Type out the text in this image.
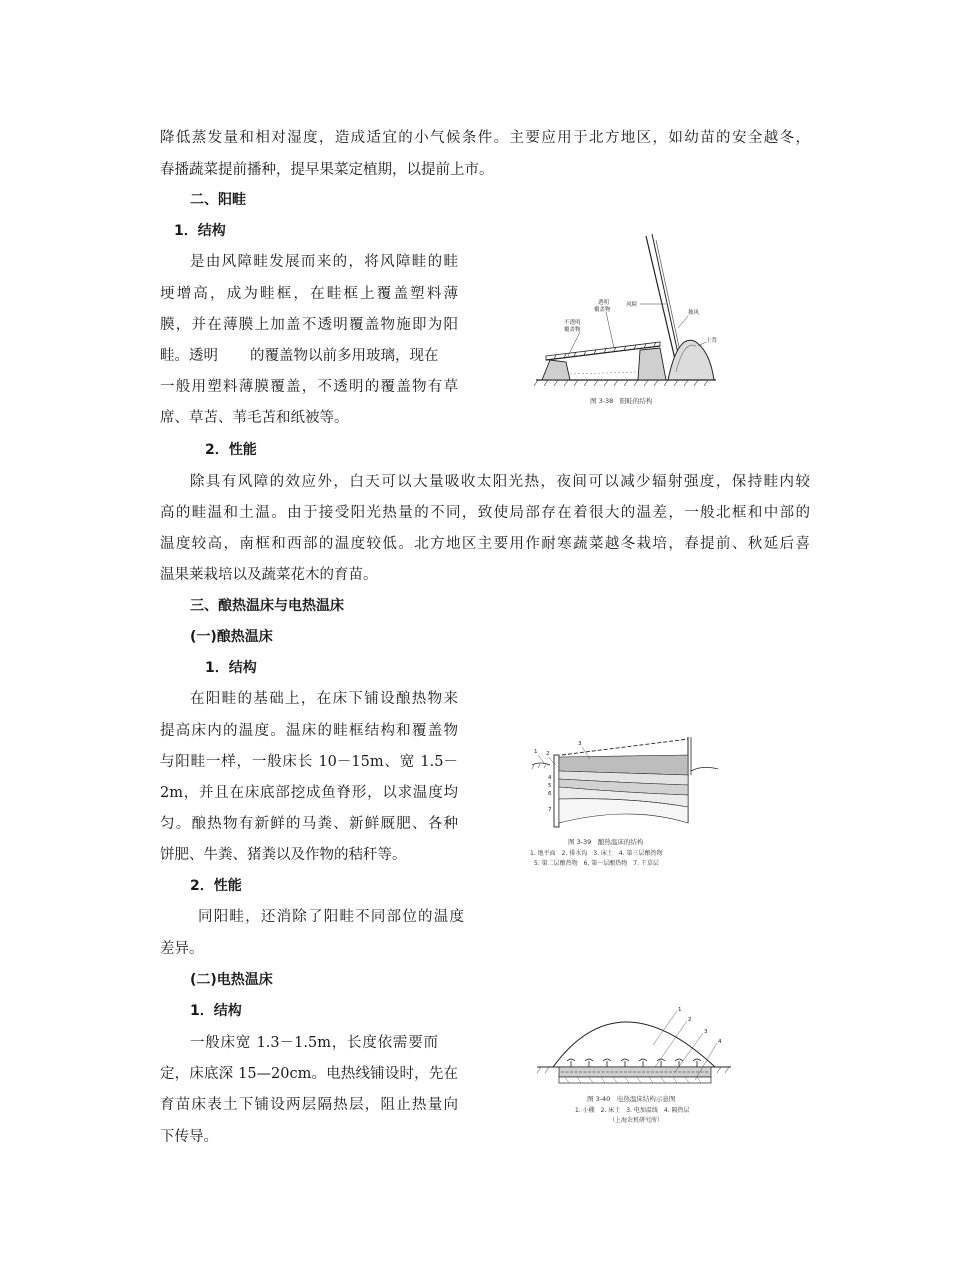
降低蒸发量和相对湿度，造成适宜的小气候条件。主要应用于北方地区，如幼苗的安全越冬，

春播蔬菜提前播种，提早果菜定植期，以提前上市。

二、阳畦

1．结构

是由风障畦发展而来的，将风障畦的畦

埂增高，成为畦框，在畦框上覆盖塑料薄

膜，并在薄膜上加盖不透明覆盖物施即为阳

畦。透明 的覆盖物以前多用玻璃，现在

一般用塑料薄膜覆盖，不透明的覆盖物有草

席、草苫、苇毛苫和纸被等。

2．性能

除具有风障的效应外，白天可以大量吸收太阳光热，夜间可以减少辐射强度，保持畦内较

高的畦温和土温。由于接受阳光热量的不同，致使局部存在着很大的温差，一般北框和中部的

温度较高，南框和西部的温度较低。北方地区主要用作耐寒蔬菜越冬栽培，春提前、秋延后喜

温果莱栽培以及蔬菜花木的育苗。

三、酿热温床与电热温床

(一)酿热温床

1．结构

在阳畦的基础上，在床下铺设酿热物来

提高床内的温度。温床的畦框结构和覆盖物

与阳畦一样，一般床长 10－15m、宽 1.5－

2m，并且在床底部挖成鱼脊形，以求温度均

匀。酿热物有新鲜的马粪、新鲜厩肥、各种

饼肥、牛粪、猪粪以及作物的秸秆等。

2．性能

同阳畦，还消除了阳畦不同部位的温度

差异。

(二)电热温床

1．结构

一般床宽 1.3－1.5m，长度依需要而

定，床底深 15—20cm。电热线铺设时，先在

育苗床表土下铺设两层隔热层，阻止热量向

下传导。

透明
覆盖物
不透明
覆盖物
风障
披风
土背
图 3-38　阳畦的结构
1 2
3
4
5
6
7
图 3-39　酿热温床的结构
1. 地平面　2. 排水沟　3. 床土　4. 第三层酿热物
5. 第二层酿热物　6. 第一层酿热物　7. 干草层
1
2
3
4
图 3-40　电热温床结构示意图
1. 小棚　2. 床土　3. 电加温线　4. 隔热层
（上海农机研究所）
